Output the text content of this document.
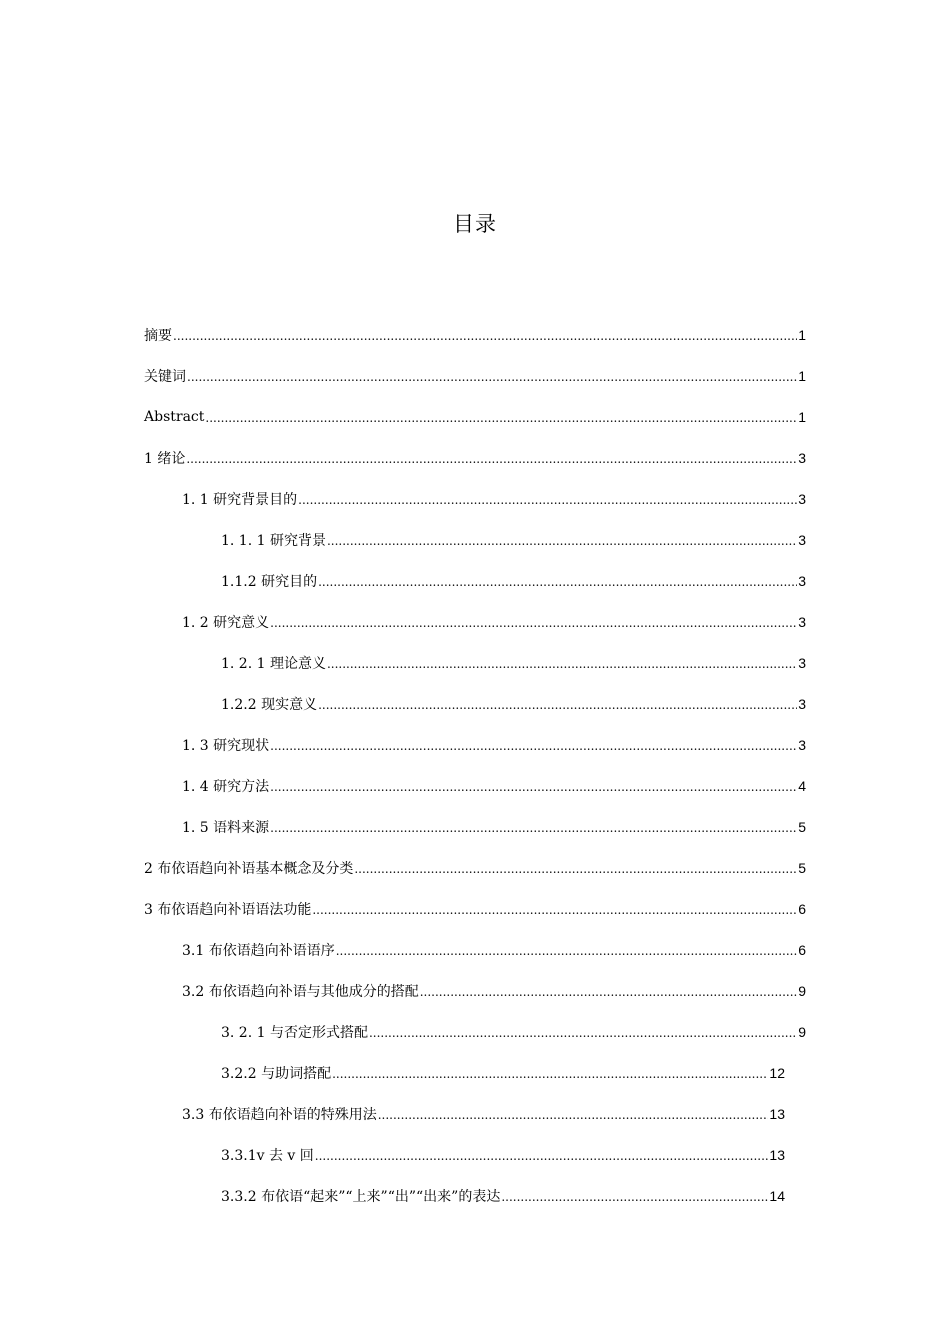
目录
摘要 .....	1
关键词 .....	1
Abstract .....	1
1 绪论 .....	3
1. 1 研究背景目的 .....	3
1. 1. 1 研究背景 .....	3
1.1.2 研究目的 .....	3
1. 2 研究意义 .....	3
1. 2. 1 理论意义 .....	3
1.2.2 现实意义 .....	3
1. 3 研究现状 .....	3
1. 4 研究方法 .....	4
1. 5 语料来源 .....	5
2 布依语趋向补语基本概念及分类 .....	5
3 布依语趋向补语语法功能 .....	6
3.1 布依语趋向补语语序 .....	6
3.2 布依语趋向补语与其他成分的搭配 .....	9
3. 2. 1 与否定形式搭配 .....	9
3.2.2 与助词搭配 .....	12
3.3 布依语趋向补语的特殊用法 .....	13
3.3.1v 去 v 回 .....	13
3.3.2 布依语“起来”“上来”“出”“出来”的表达 .....	14
